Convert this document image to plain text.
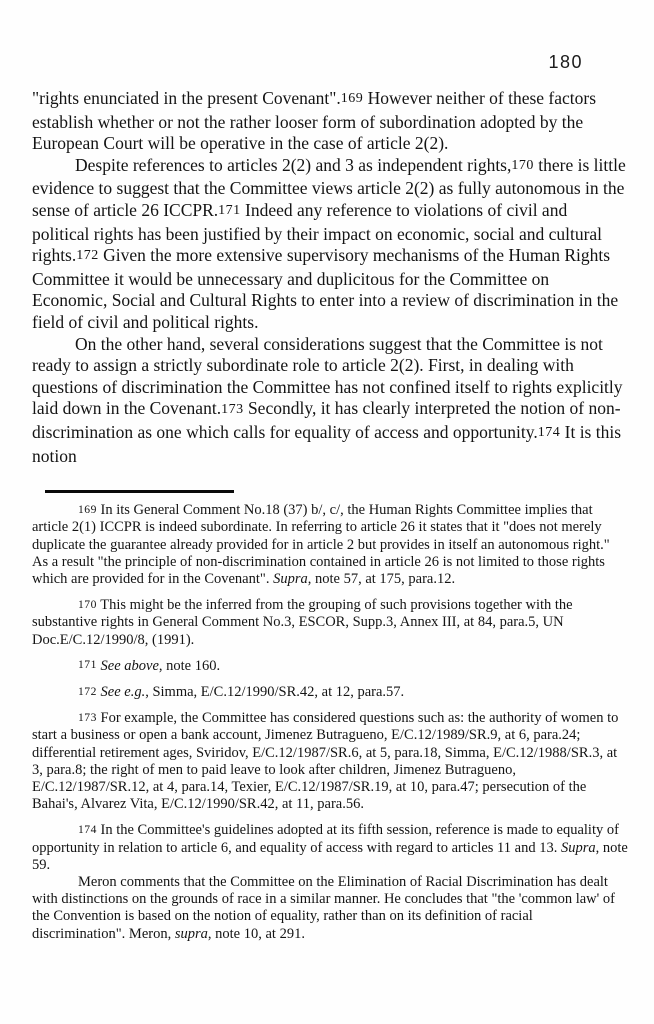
180

"rights enunciated in the present Covenant".169 However neither of these factors establish whether or not the rather looser form of subordination adopted by the European Court will be operative in the case of article 2(2).

Despite references to articles 2(2) and 3 as independent rights,170 there is little evidence to suggest that the Committee views article 2(2) as fully autonomous in the sense of article 26 ICCPR.171 Indeed any reference to violations of civil and political rights has been justified by their impact on economic, social and cultural rights.172 Given the more extensive supervisory mechanisms of the Human Rights Committee it would be unnecessary and duplicitous for the Committee on Economic, Social and Cultural Rights to enter into a review of discrimination in the field of civil and political rights.

On the other hand, several considerations suggest that the Committee is not ready to assign a strictly subordinate role to article 2(2). First, in dealing with questions of discrimination the Committee has not confined itself to rights explicitly laid down in the Covenant.173 Secondly, it has clearly interpreted the notion of non-discrimination as one which calls for equality of access and opportunity.174 It is this notion

169 In its General Comment No.18 (37) b/, c/, the Human Rights Committee implies that article 2(1) ICCPR is indeed subordinate. In referring to article 26 it states that it "does not merely duplicate the guarantee already provided for in article 2 but provides in itself an autonomous right." As a result "the principle of non-discrimination contained in article 26 is not limited to those rights which are provided for in the Covenant". Supra, note 57, at 175, para.12.

170 This might be the inferred from the grouping of such provisions together with the substantive rights in General Comment No.3, ESCOR, Supp.3, Annex III, at 84, para.5, UN Doc.E/C.12/1990/8, (1991).

171 See above, note 160.

172 See e.g., Simma, E/C.12/1990/SR.42, at 12, para.57.

173 For example, the Committee has considered questions such as: the authority of women to start a business or open a bank account, Jimenez Butragueno, E/C.12/1989/SR.9, at 6, para.24; differential retirement ages, Sviridov, E/C.12/1987/SR.6, at 5, para.18, Simma, E/C.12/1988/SR.3, at 3, para.8; the right of men to paid leave to look after children, Jimenez Butragueno, E/C.12/1987/SR.12, at 4, para.14, Texier, E/C.12/1987/SR.19, at 10, para.47; persecution of the Bahai's, Alvarez Vita, E/C.12/1990/SR.42, at 11, para.56.

174 In the Committee's guidelines adopted at its fifth session, reference is made to equality of opportunity in relation to article 6, and equality of access with regard to articles 11 and 13. Supra, note 59.

Meron comments that the Committee on the Elimination of Racial Discrimination has dealt with distinctions on the grounds of race in a similar manner. He concludes that "the 'common law' of the Convention is based on the notion of equality, rather than on its definition of racial discrimination". Meron, supra, note 10, at 291.
